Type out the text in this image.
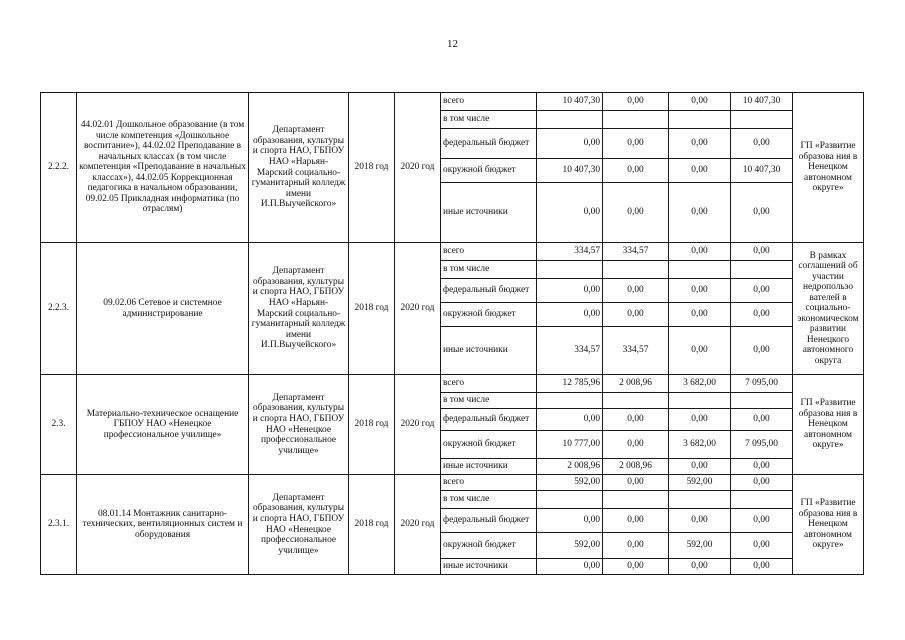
12
2.2.2.	44.02.01 Дошкольное образование (в том числе компетенция «Дошкольное воспитание»), 44.02.02 Преподавание в начальных классах (в том числе компетенция «Преподавание в начальных классах»), 44.02.05 Коррекционная педагогика в начальном образовании, 09.02.05 Прикладная информатика (по отраслям)	Департамент образования, культуры и спорта НАО, ГБПОУ НАО «Нарьян-Марский социально-гуманитарный колледж имени И.П.Выучейского»	2018 год	2020 год	всего	10 407,30	0,00	0,00	10 407,30	ГП «Развитие образова ния в Ненецком автономном округе»
					в том числе					
					федеральный бюджет	0,00	0,00	0,00	0,00	
					окружной бюджет	10 407,30	0,00	0,00	10 407,30	
					иные источники	0,00	0,00	0,00	0,00	
2.2.3.	09.02.06 Сетевое и системное администрирование	Департамент образования, культуры и спорта НАО, ГБПОУ НАО «Нарьян-Марский социально-гуманитарный колледж имени И.П.Выучейского»	2018 год	2020 год	всего	334,57	334,57	0,00	0,00	В рамках соглашений об участии недропользо вателей в социально-экономическом развитии Ненецкого автономного округа
					в том числе					
					федеральный бюджет	0,00	0,00	0,00	0,00	
					окружной бюджет	0,00	0,00	0,00	0,00	
					иные источники	334,57	334,57	0,00	0,00	
2.3.	Материально-техническое оснащение ГБПОУ НАО «Ненецкое профессиональное училище»	Департамент образования, культуры и спорта НАО, ГБПОУ НАО «Ненецкое профессиональное училище»	2018 год	2020 год	всего	12 785,96	2 008,96	3 682,00	7 095,00	ГП «Развитие образова ния в Ненецком автономном округе»
					в том числе					
					федеральный бюджет	0,00	0,00	0,00	0,00	
					окружной бюджет	10 777,00	0,00	3 682,00	7 095,00	
					иные источники	2 008,96	2 008,96	0,00	0,00	
2.3.1.	08.01.14 Монтажник санитарно-технических, вентиляционных систем и оборудования	Департамент образования, культуры и спорта НАО, ГБПОУ НАО «Ненецкое профессиональное училище»	2018 год	2020 год	всего	592,00	0,00	592,00	0,00	ГП «Развитие образова ния в Ненецком автономном округе»
					в том числе					
					федеральный бюджет	0,00	0,00	0,00	0,00	
					окружной бюджет	592,00	0,00	592,00	0,00	
					иные источники	0,00	0,00	0,00	0,00	
